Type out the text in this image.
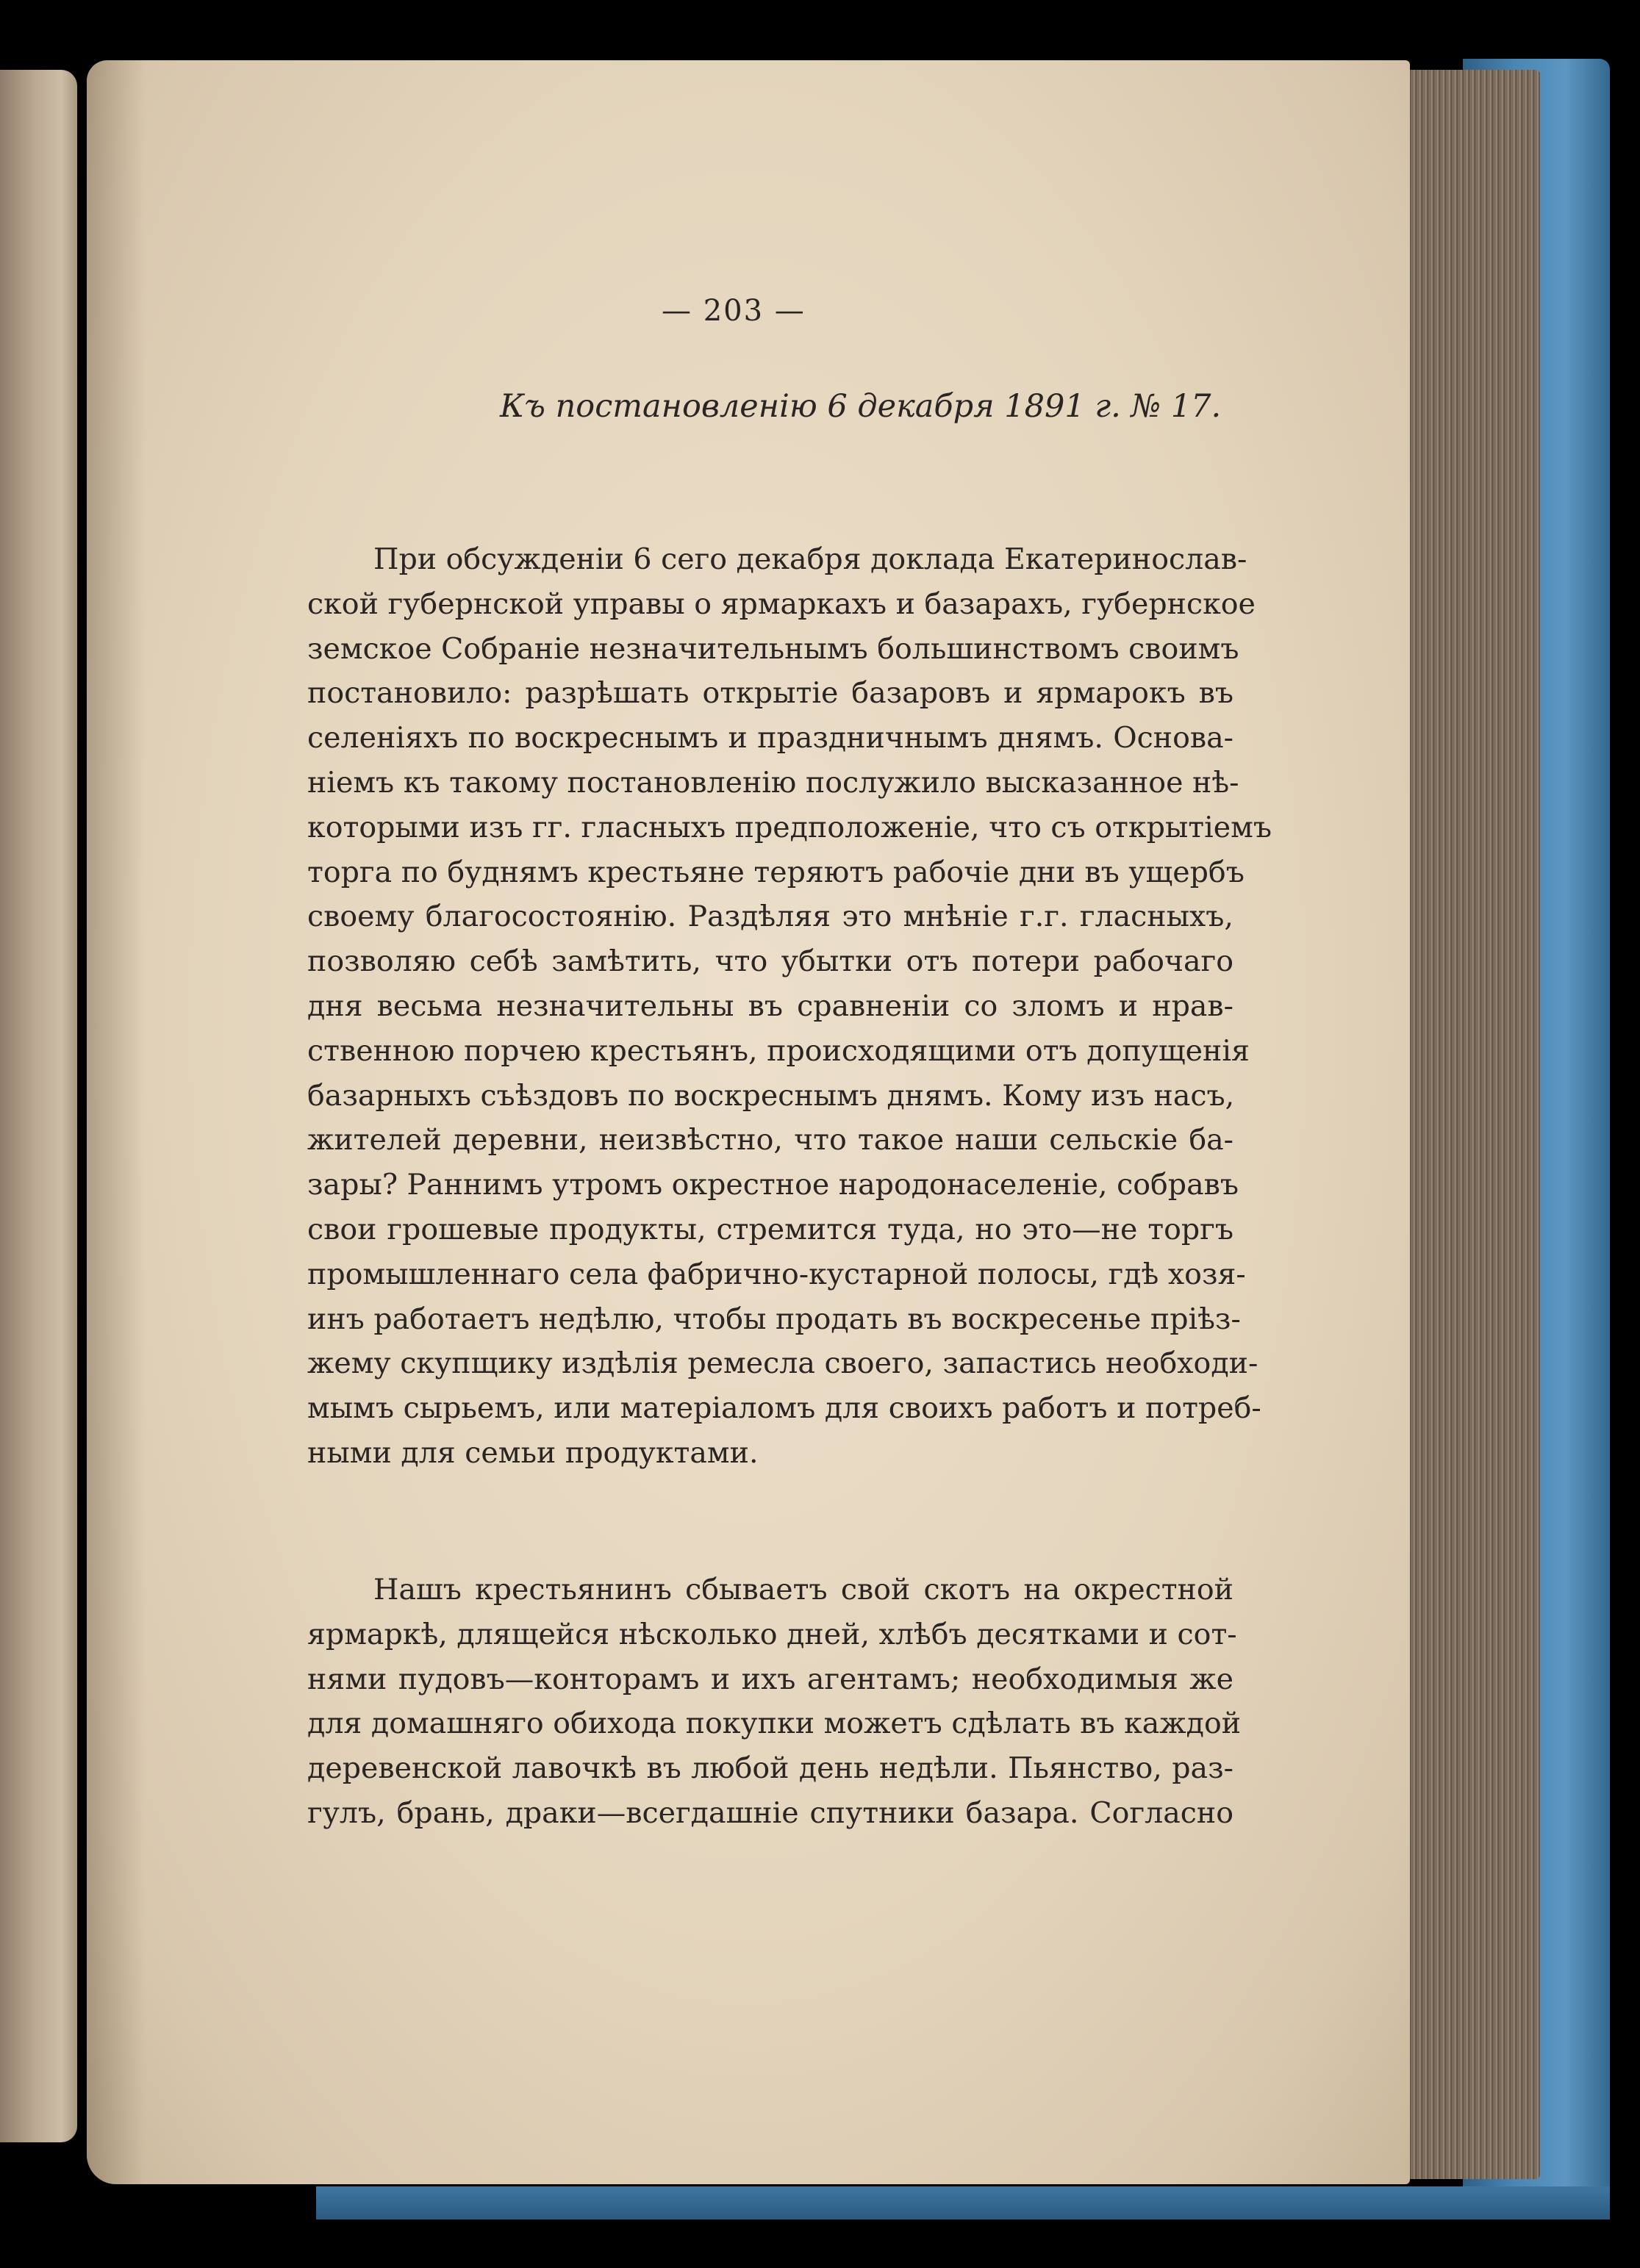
— 203 —
Къ постановленію 6 декабря 1891 г. № 17.
При обсужденіи 6 сего декабря доклада Екатеринослав-
ской губернской управы о ярмаркахъ и базарахъ, губернское
земское Собраніе незначительнымъ большинствомъ своимъ
постановило: разрѣшать открытіе базаровъ и ярмарокъ въ
селеніяхъ по воскреснымъ и праздничнымъ днямъ. Основа-
ніемъ къ такому постановленію послужило высказанное нѣ-
которыми изъ гг. гласныхъ предположеніе, что съ открытіемъ
торга по буднямъ крестьяне теряютъ рабочіе дни въ ущербъ
своему благосостоянію. Раздѣляя это мнѣніе г.г. гласныхъ,
позволяю себѣ замѣтить, что убытки отъ потери рабочаго
дня весьма незначительны въ сравненіи со зломъ и нрав-
ственною порчею крестьянъ, происходящими отъ допущенія
базарныхъ съѣздовъ по воскреснымъ днямъ. Кому изъ насъ,
жителей деревни, неизвѣстно, что такое наши сельскіе ба-
зары? Раннимъ утромъ окрестное народонаселеніе, собравъ
свои грошевые продукты, стремится туда, но это—не торгъ
промышленнаго села фабрично-кустарной полосы, гдѣ хозя-
инъ работаетъ недѣлю, чтобы продать въ воскресенье пріѣз-
жему скупщику издѣлія ремесла своего, запастись необходи-
мымъ сырьемъ, или матеріаломъ для своихъ работъ и потреб-
ными для семьи продуктами.
Нашъ крестьянинъ сбываетъ свой скотъ на окрестной
ярмаркѣ, длящейся нѣсколько дней, хлѣбъ десятками и сот-
нями пудовъ—конторамъ и ихъ агентамъ; необходимыя же
для домашняго обихода покупки можетъ сдѣлать въ каждой
деревенской лавочкѣ въ любой день недѣли. Пьянство, раз-
гулъ, брань, драки—всегдашніе спутники базара. Согласно
